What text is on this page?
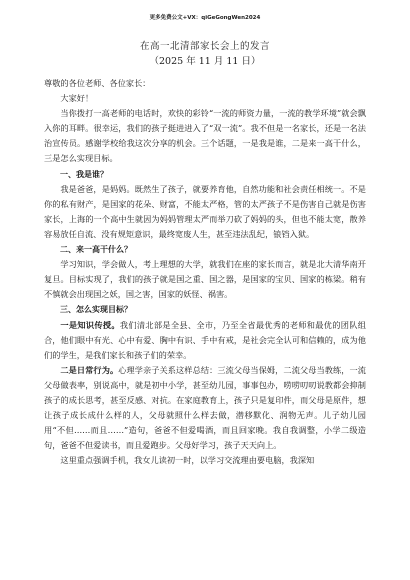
更多免费公文+VX：qiGeGongWen2024
在高一北清部家长会上的发言
（2025 年 11 月 11 日）

尊敬的各位老师、各位家长：

大家好！

当你拨打一高老师的电话时，欢快的彩铃“一流的师资力量，一流的教学环境”就会飘入你的耳畔。很幸运，我们的孩子挺进进入了“双一流”。我不但是一名家长，还是一名法治宣传员。感谢学校给我这次分享的机会。三个话题，一是我是谁，二是来一高干什么，三是怎么实现目标。

一、我是谁？

我是爸爸，是妈妈。既然生了孩子，就要养育他，自然功能和社会责任相统一。不是你的私有财产，是国家的花朵、财富，不能太严格，管的太严孩子不是伤害自己就是伤害家长，上海的一个高中生就因为妈妈管理太严而举刀砍了妈妈的头，但也不能太宽，散养容易放任自流、没有规矩意识，最终宽废人生，甚至违法乱纪，锒铛入狱。

二、来一高干什么？

学习知识，学会做人，考上理想的大学，就我们在座的家长而言，就是北大清华南开复旦。目标实现了，我们的孩子就是国之重、国之器，是国家的宝贝、国家的栋梁。稍有不慎就会出现国之妖，国之害，国家的妖怪、祸害。

三、怎么实现目标？

一是知识传授。我们清北部是全县、全市，乃至全省最优秀的老师和最优的团队组合，他们眼中有光、心中有爱、胸中有识、手中有戒，是社会完全认可和信赖的，成为他们的学生，是我们家长和孩子们的荣幸。

二是日常行为。心理学亲子关系这样总结：三流父母当保姆，二流父母当教练，一流父母做表率，别说高中，就是初中小学，甚至幼儿园，事事包办，唠唠叨叨说教都会抑制孩子的成长思考，甚至反感、对抗。在家庭教育上，孩子只是复印件，而父母是原件，想让孩子成长成什么样的人，父母就照什么样去做，潜移默化、润物无声。儿子幼儿园用“不但……而且……”造句，爸爸不但爱喝酒，而且回家晚。我自我调整，小学二级造句，爸爸不但爱读书，而且爱跑步。父母好学习，孩子天天向上。

这里重点强调手机，我女儿读初一时，以学习交流理由要电脑，我深知
